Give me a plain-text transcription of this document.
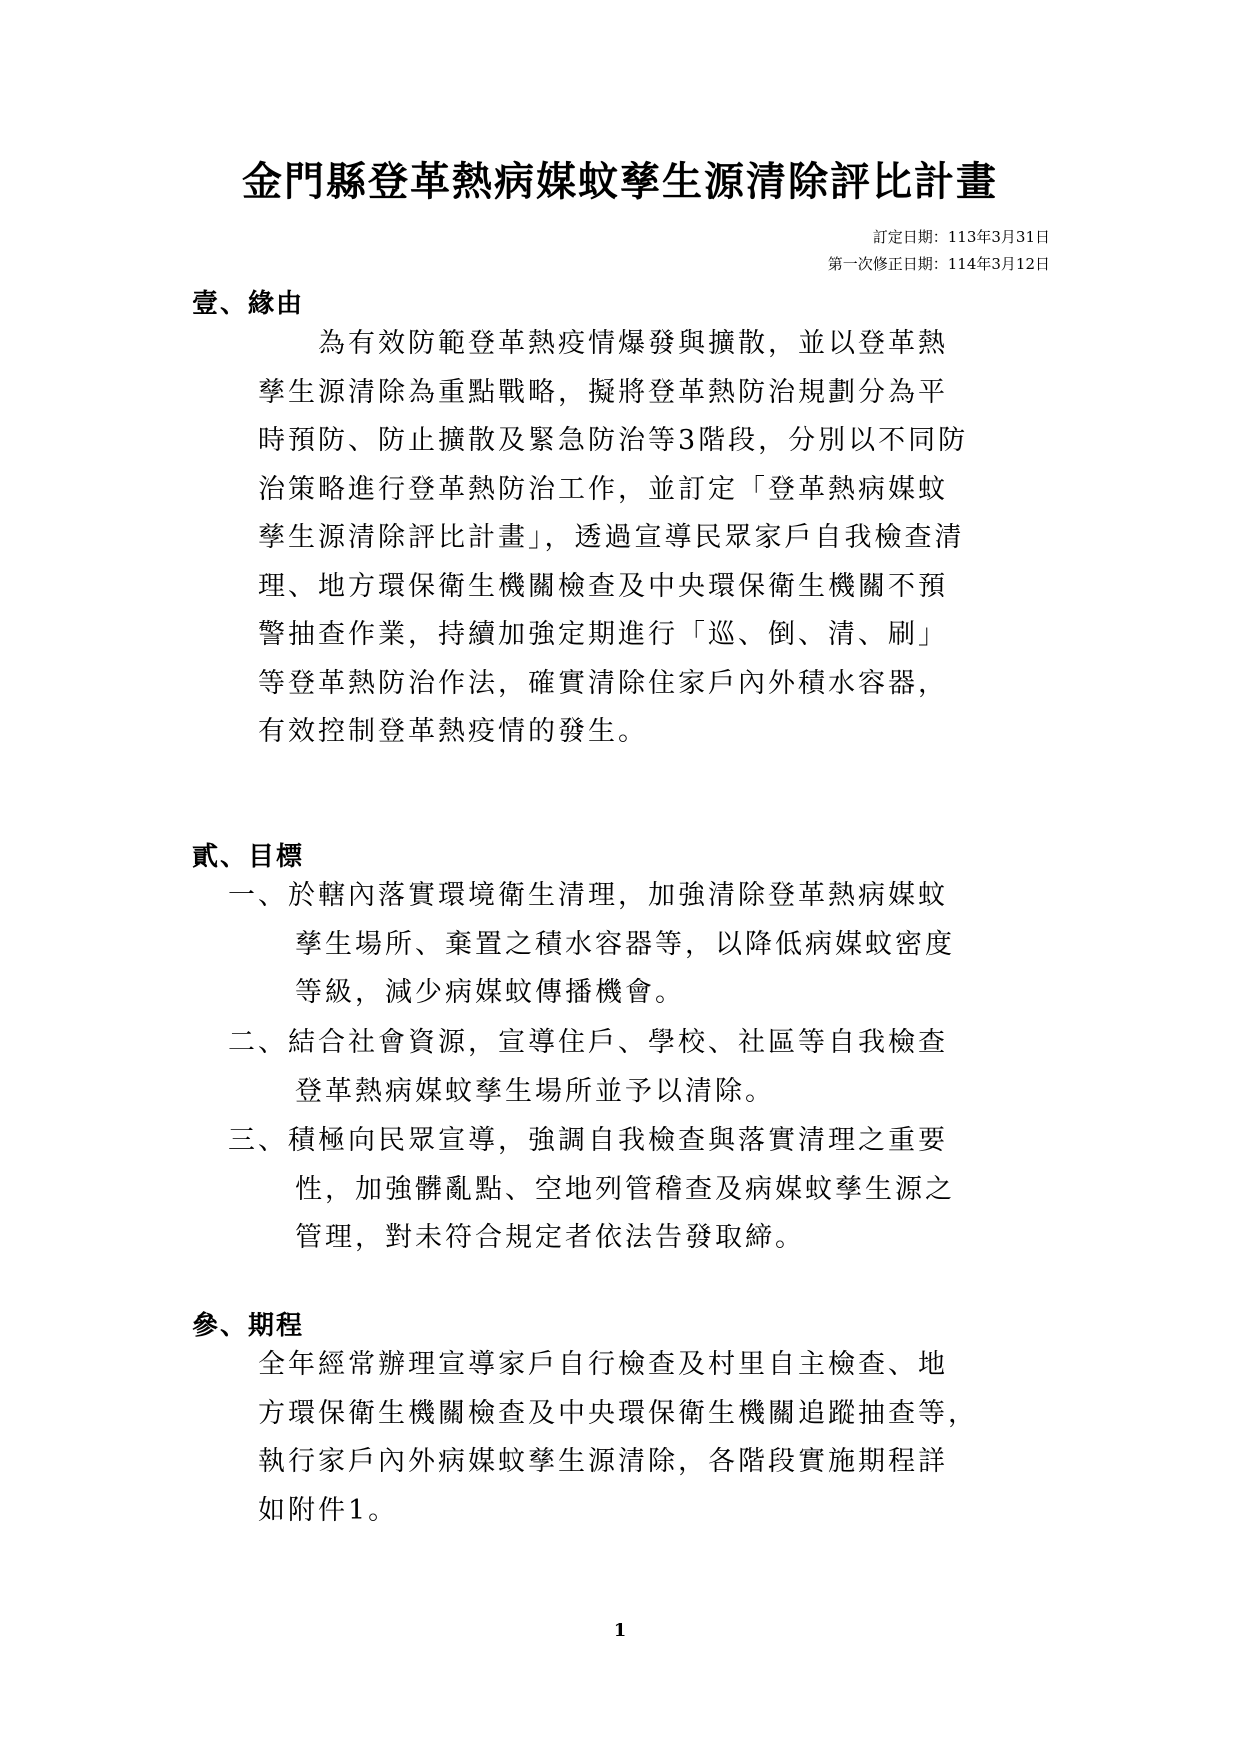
金門縣登革熱病媒蚊孳生源清除評比計畫
訂定日期：113年3月31日
第一次修正日期：114年3月12日
壹、緣由

　　為有效防範登革熱疫情爆發與擴散，並以登革熱
孳生源清除為重點戰略，擬將登革熱防治規劃分為平
時預防、防止擴散及緊急防治等3階段，分別以不同防
治策略進行登革熱防治工作，並訂定「登革熱病媒蚊
孳生源清除評比計畫」，透過宣導民眾家戶自我檢查清
理、地方環保衛生機關檢查及中央環保衛生機關不預
警抽查作業，持續加強定期進行「巡、倒、清、刷」
等登革熱防治作法，確實清除住家戶內外積水容器，
有效控制登革熱疫情的發生。

貳、目標
一、於轄內落實環境衛生清理，加強清除登革熱病媒蚊
孳生場所、棄置之積水容器等，以降低病媒蚊密度
等級，減少病媒蚊傳播機會。
二、結合社會資源，宣導住戶、學校、社區等自我檢查
登革熱病媒蚊孳生場所並予以清除。
三、積極向民眾宣導，強調自我檢查與落實清理之重要
性，加強髒亂點、空地列管稽查及病媒蚊孳生源之
管理，對未符合規定者依法告發取締。
參、期程

全年經常辦理宣導家戶自行檢查及村里自主檢查、地
方環保衛生機關檢查及中央環保衛生機關追蹤抽查等，
執行家戶內外病媒蚊孳生源清除，各階段實施期程詳
如附件1。

1
